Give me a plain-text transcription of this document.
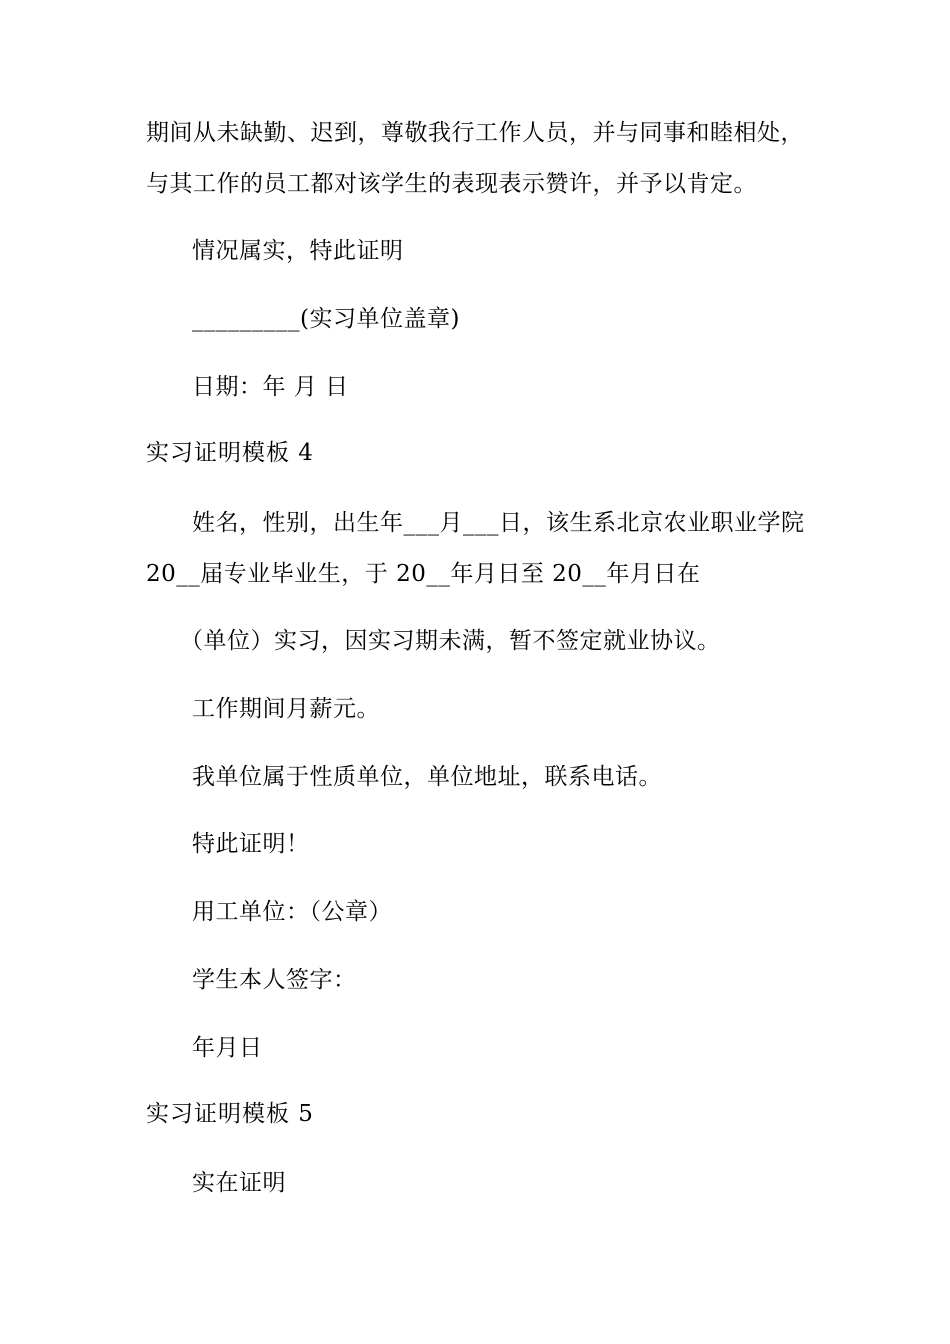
期间从未缺勤、迟到，尊敬我行工作人员，并与同事和睦相处，
与其工作的员工都对该学生的表现表示赞许，并予以肯定。
情况属实，特此证明
_________(实习单位盖章)
日期：年 月 日
实习证明模板 4
姓名，性别，出生年___月___日，该生系北京农业职业学院
20__届专业毕业生，于 20__年月日至 20__年月日在
（单位）实习，因实习期未满，暂不签定就业协议。
工作期间月薪元。
我单位属于性质单位，单位地址，联系电话。
特此证明！
用工单位：（公章）
学生本人签字：
年月日
实习证明模板 5
实在证明
